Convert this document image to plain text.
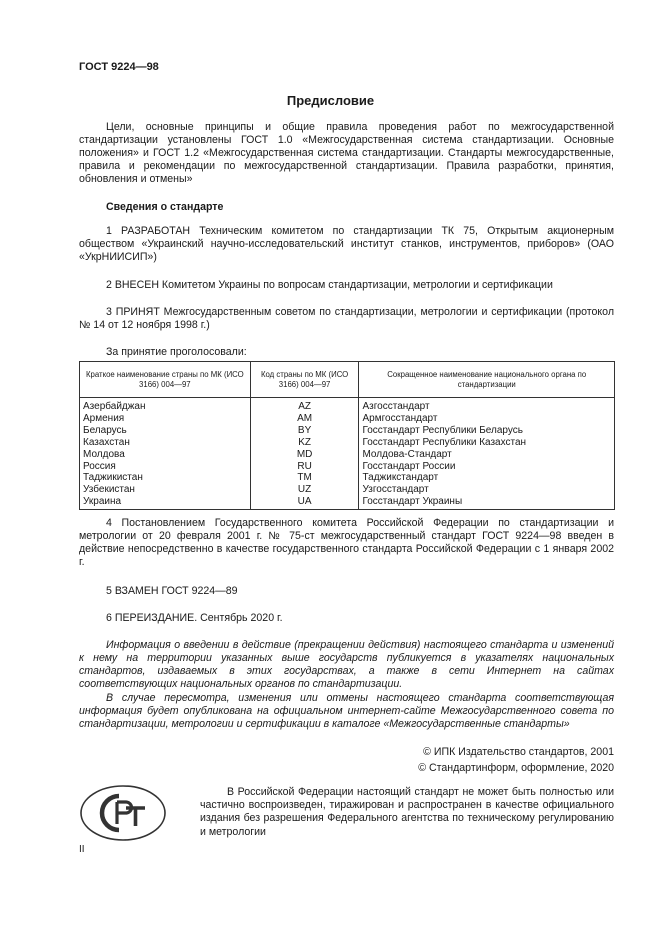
ГОСТ 9224—98
Предисловие
Цели, основные принципы и общие правила проведения работ по межгосударственной стандартизации установлены ГОСТ 1.0 «Межгосударственная система стандартизации. Основные положения» и ГОСТ 1.2 «Межгосударственная система стандартизации. Стандарты межгосударственные, правила и рекомендации по межгосударственной стандартизации. Правила разработки, принятия, обновления и отмены»
Сведения о стандарте
1 РАЗРАБОТАН Техническим комитетом по стандартизации ТК 75, Открытым акционерным обществом «Украинский научно-исследовательский институт станков, инструментов, приборов» (ОАО «УкрНИИСИП»)
2 ВНЕСЕН Комитетом Украины по вопросам стандартизации, метрологии и сертификации
3 ПРИНЯТ Межгосударственным советом по стандартизации, метрологии и сертификации (протокол № 14 от 12 ноября 1998 г.)
За принятие проголосовали:
Краткое наименование страны по МК (ИСО 3166) 004—97	Код страны по МК (ИСО 3166) 004—97	Сокращенное наименование национального органа по стандартизации
Азербайджан	AZ	Азгосстандарт
Армения	AM	Армгосстандарт
Беларусь	BY	Госстандарт Республики Беларусь
Казахстан	KZ	Госстандарт Республики Казахстан
Молдова	MD	Молдова-Стандарт
Россия	RU	Госстандарт России
Таджикистан	TM	Таджикстандарт
Узбекистан	UZ	Узгосстандарт
Украина	UA	Госстандарт Украины
4 Постановлением Государственного комитета Российской Федерации по стандартизации и метрологии от 20 февраля 2001 г. № 75-ст межгосударственный стандарт ГОСТ 9224—98 введен в действие непосредственно в качестве государственного стандарта Российской Федерации с 1 января 2002 г.
5 ВЗАМЕН ГОСТ 9224—89
6 ПЕРЕИЗДАНИЕ. Сентябрь 2020 г.
Информация о введении в действие (прекращении действия) настоящего стандарта и изменений к нему на территории указанных выше государств публикуется в указателях национальных стандартов, издаваемых в этих государствах, а также в сети Интернет на сайтах соответствующих национальных органов по стандартизации.
В случае пересмотра, изменения или отмены настоящего стандарта соответствующая информация будет опубликована на официальном интернет-сайте Межгосударственного совета по стандартизации, метрологии и сертификации в каталоге «Межгосударственные стандарты»
© ИПК Издательство стандартов, 2001
© Стандартинформ, оформление, 2020
В Российской Федерации настоящий стандарт не может быть полностью или частично воспроизведен, тиражирован и распространен в качестве официального издания без разрешения Федерального агентства по техническому регулированию и метрологии
II
